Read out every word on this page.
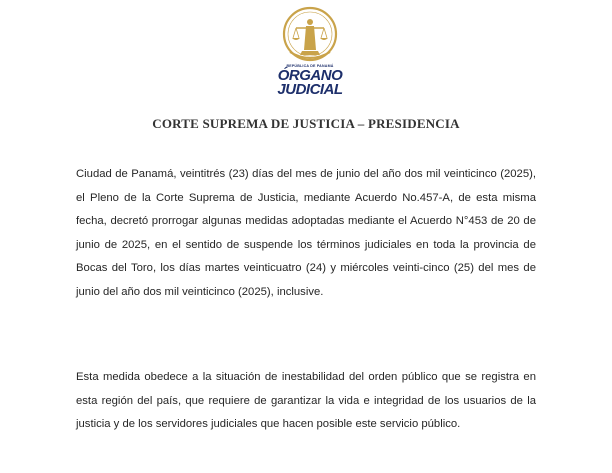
REPÚBLICA DE PANAMÁ
ÓRGANO
JUDICIAL
CORTE SUPREMA DE JUSTICIA – PRESIDENCIA
Ciudad de Panamá, veintitrés (23) días del mes de junio del año dos mil veinticinco (2025), el Pleno de la Corte Suprema de Justicia, mediante Acuerdo No.457-A, de esta misma fecha, decretó prorrogar algunas medidas adoptadas mediante el Acuerdo N°453 de 20 de junio de 2025, en el sentido de suspende los términos judiciales en toda la provincia de Bocas del Toro, los días martes veinticuatro (24) y miércoles veinti-cinco (25) del mes de junio del año dos mil veinticinco (2025), inclusive.
Esta medida obedece a la situación de inestabilidad del orden público que se registra en esta región del país, que requiere de garantizar la vida e integridad de los usuarios de la justicia y de los servidores judiciales que hacen posible este servicio público.
